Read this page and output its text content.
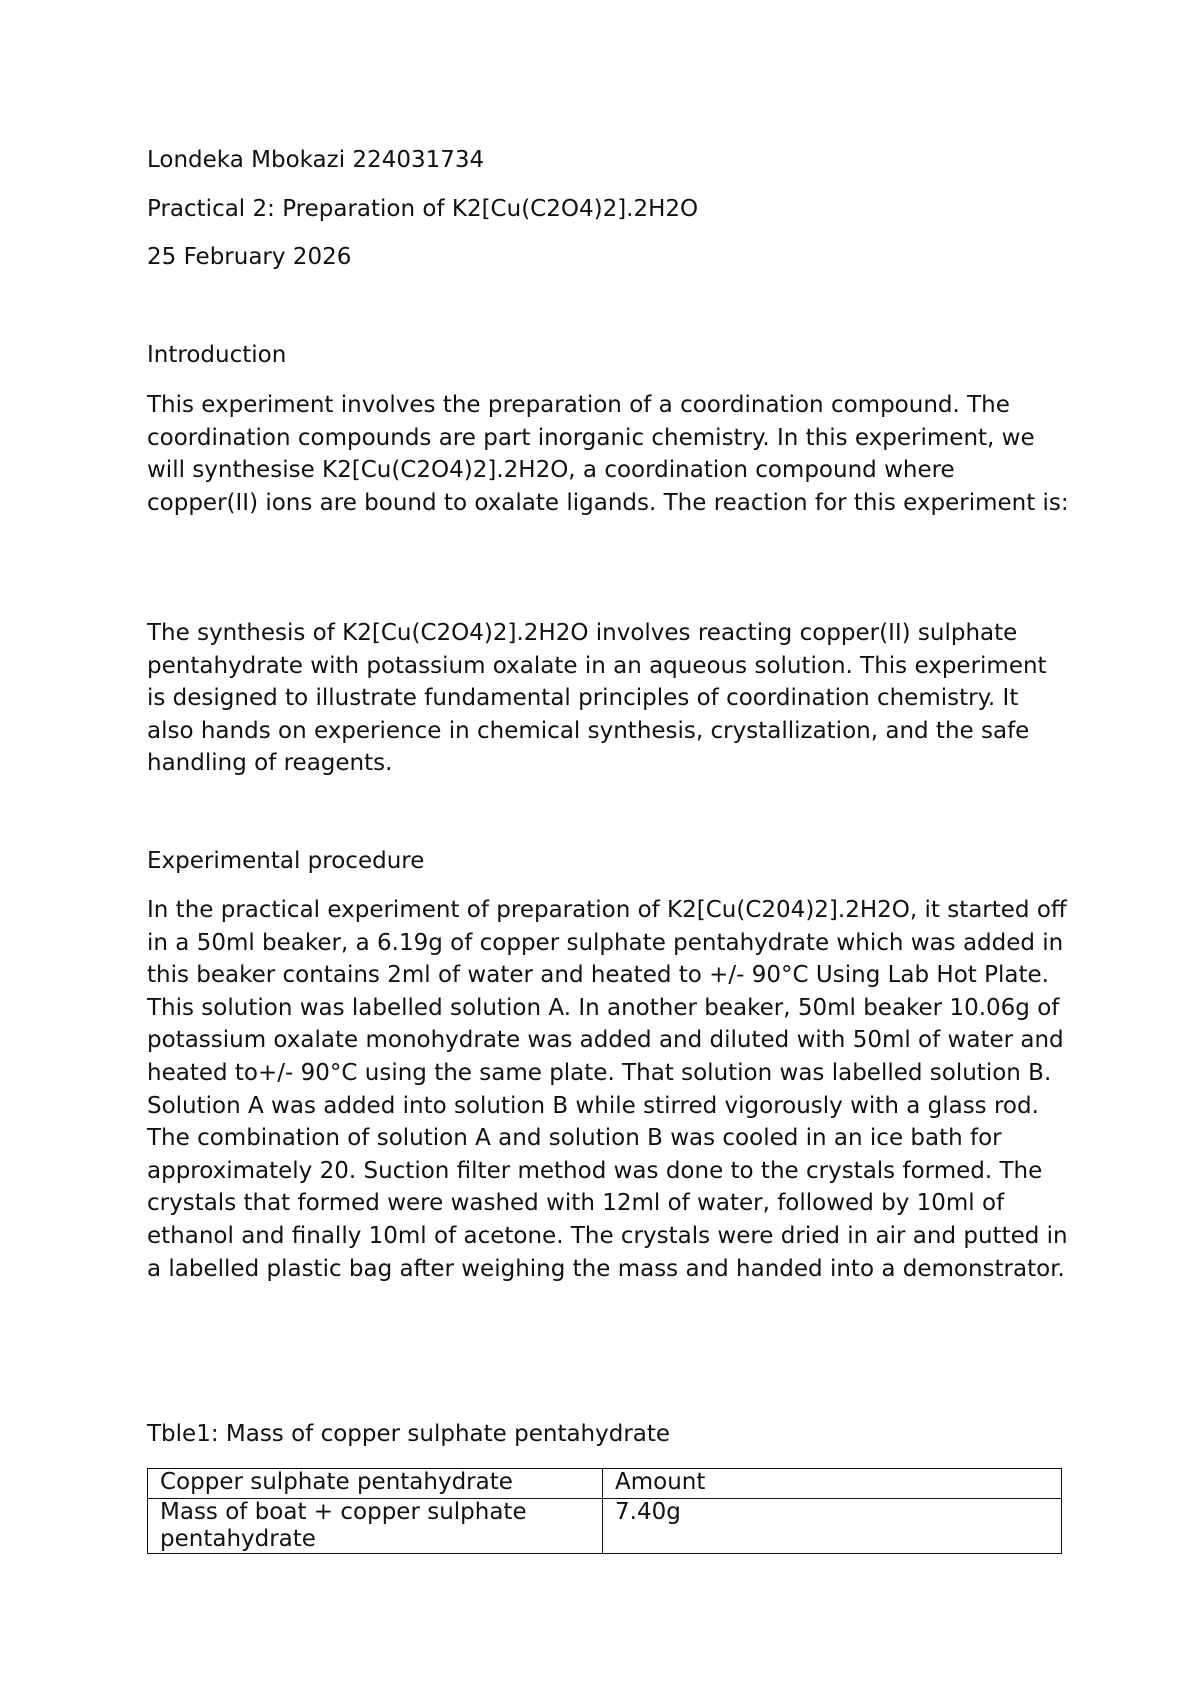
Londeka Mbokazi 224031734
Practical 2: Preparation of K2[Cu(C2O4)2].2H2O
25 February 2026
Introduction

This experiment involves the preparation of a coordination compound. The coordination compounds are part inorganic chemistry. In this experiment, we will synthesise K2[Cu(C2O4)2].2H2O, a coordination compound where copper(II) ions are bound to oxalate ligands. The reaction for this experiment is:

The synthesis of K2[Cu(C2O4)2].2H2O involves reacting copper(II) sulphate pentahydrate with potassium oxalate in an aqueous solution. This experiment is designed to illustrate fundamental principles of coordination chemistry. It also hands on experience in chemical synthesis, crystallization, and the safe handling of reagents.

Experimental procedure

In the practical experiment of preparation of K2[Cu(C204)2].2H2O, it started off in a 50ml beaker, a 6.19g of copper sulphate pentahydrate which was added in this beaker contains 2ml of water and heated to +/- 90°C Using Lab Hot Plate. This solution was labelled solution A. In another beaker, 50ml beaker 10.06g of potassium oxalate monohydrate was added and diluted with 50ml of water and heated to+/- 90°C using the same plate. That solution was labelled solution B. Solution A was added into solution B while stirred vigorously with a glass rod. The combination of solution A and solution B was cooled in an ice bath for approximately 20. Suction filter method was done to the crystals formed. The crystals that formed were washed with 12ml of water, followed by 10ml of ethanol and finally 10ml of acetone. The crystals were dried in air and putted in a labelled plastic bag after weighing the mass and handed into a demonstrator.

Tble1: Mass of copper sulphate pentahydrate
Copper sulphate pentahydrate	Amount
Mass of boat + copper sulphate pentahydrate	7.40g
